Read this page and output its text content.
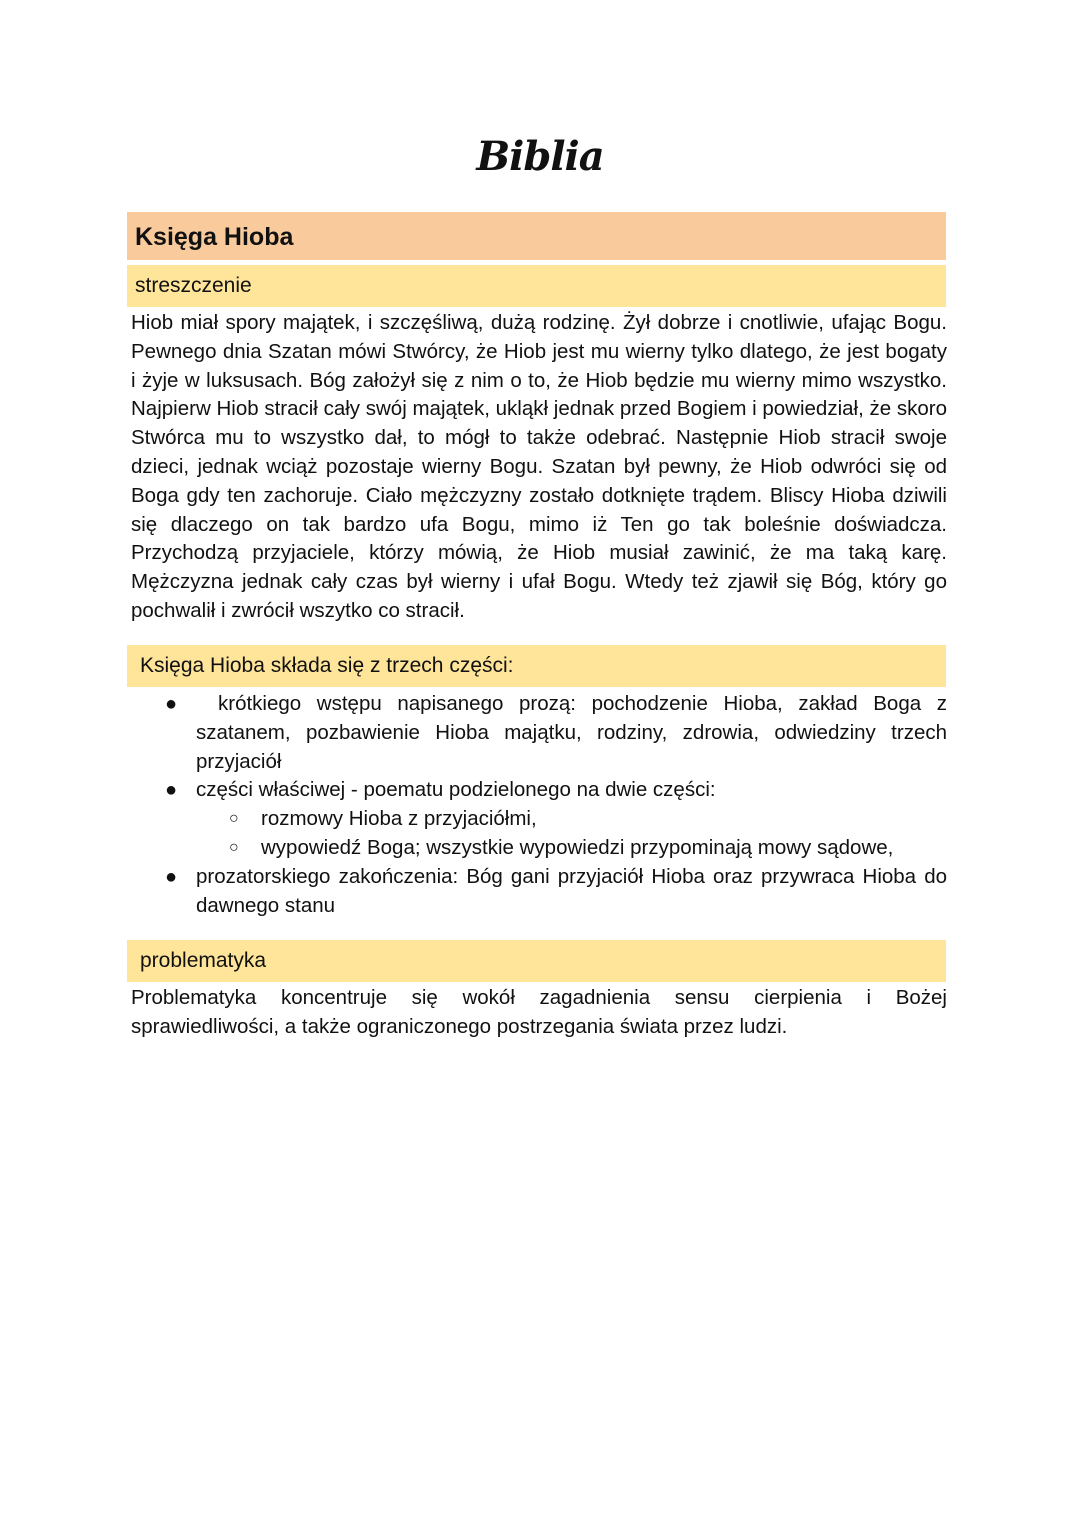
Biblia
Księga Hioba
streszczenie
Hiob miał spory majątek, i szczęśliwą, dużą rodzinę. Żył dobrze i cnotliwie, ufając Bogu. Pewnego dnia Szatan mówi Stwórcy, że Hiob jest mu wierny tylko dlatego, że jest bogaty i żyje w luksusach. Bóg założył się z nim o to, że Hiob będzie mu wierny mimo wszystko. Najpierw Hiob stracił cały swój majątek, ukląkł jednak przed Bogiem i powiedział, że skoro Stwórca mu to wszystko dał, to mógł to także odebrać. Następnie Hiob stracił swoje dzieci, jednak wciąż pozostaje wierny Bogu. Szatan był pewny, że Hiob odwróci się od Boga gdy ten zachoruje. Ciało mężczyzny zostało dotknięte trądem. Bliscy Hioba dziwili się dlaczego on tak bardzo ufa Bogu, mimo iż Ten go tak boleśnie doświadcza. Przychodzą przyjaciele, którzy mówią, że Hiob musiał zawinić, że ma taką karę. Mężczyzna jednak cały czas był wierny i ufał Bogu. Wtedy też zjawił się Bóg, który go pochwalił i zwrócił wszytko co stracił.
Księga Hioba składa się z trzech części:
● krótkiego wstępu napisanego prozą: pochodzenie Hioba, zakład Boga z szatanem, pozbawienie Hioba majątku, rodziny, zdrowia, odwiedziny trzech przyjaciół
● części właściwej - poematu podzielonego na dwie części:
○ rozmowy Hioba z przyjaciółmi,
○ wypowiedź Boga; wszystkie wypowiedzi przypominają mowy sądowe,
● prozatorskiego zakończenia: Bóg gani przyjaciół Hioba oraz przywraca Hioba do dawnego stanu
problematyka
Problematyka koncentruje się wokół zagadnienia sensu cierpienia i Bożej sprawiedliwości, a także ograniczonego postrzegania świata przez ludzi.
